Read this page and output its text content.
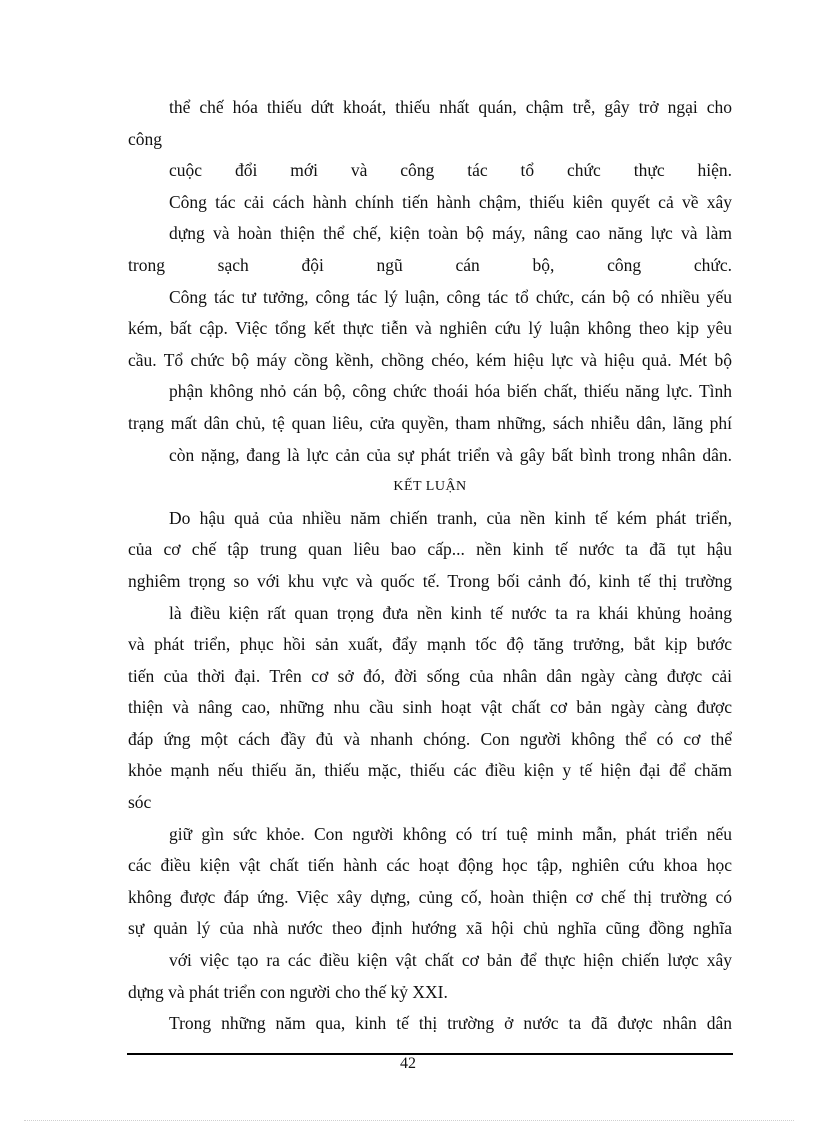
thể chế hóa thiếu dứt khoát, thiếu nhất quán, chậm trễ, gây trở ngại cho
công
cuộc đổi mới và công tác tổ chức thực hiện.
Công tác cải cách hành chính tiến hành chậm, thiếu kiên quyết cả về xây
dựng và hoàn thiện thể chế, kiện toàn bộ máy, nâng cao năng lực và làm
trong sạch đội ngũ cán bộ, công chức.
Công tác tư tưởng, công tác lý luận, công tác tổ chức, cán bộ có nhiều yếu
kém, bất cập. Việc tổng kết thực tiễn và nghiên cứu lý luận không theo kịp yêu
cầu. Tổ chức bộ máy cồng kềnh, chồng chéo, kém hiệu lực và hiệu quả. Mét bộ
phận không nhỏ cán bộ, công chức thoái hóa biến chất, thiếu năng lực. Tình
trạng mất dân chủ, tệ quan liêu, cửa quyền, tham những, sách nhiễu dân, lãng phí
còn nặng, đang là lực cản của sự phát triển và gây bất bình trong nhân dân.
KẾT LUẬN
Do hậu quả của nhiều năm chiến tranh, của nền kinh tế kém phát triển,
của cơ chế tập trung quan liêu bao cấp... nền kinh tế nước ta đã tụt hậu
nghiêm trọng so với khu vực và quốc tế. Trong bối cảnh đó, kinh tế thị trường
là điều kiện rất quan trọng đưa nền kinh tế nước ta ra khái khủng hoảng
và phát triển, phục hồi sản xuất, đẩy mạnh tốc độ tăng trưởng, bắt kịp bước
tiến của thời đại. Trên cơ sở đó, đời sống của nhân dân ngày càng được cải
thiện và nâng cao, những nhu cầu sinh hoạt vật chất cơ bản ngày càng được
đáp ứng một cách đầy đủ và nhanh chóng. Con người không thể có cơ thể
khỏe mạnh nếu thiếu ăn, thiếu mặc, thiếu các điều kiện y tế hiện đại để chăm
sóc
giữ gìn sức khỏe. Con người không có trí tuệ minh mẫn, phát triển nếu
các điều kiện vật chất tiến hành các hoạt động học tập, nghiên cứu khoa học
không được đáp ứng. Việc xây dựng, củng cố, hoàn thiện cơ chế thị trường có
sự quản lý của nhà nước theo định hướng xã hội chủ nghĩa cũng đồng nghĩa
với việc tạo ra các điều kiện vật chất cơ bản để thực hiện chiến lược xây
dựng và phát triển con người cho thế kỷ XXI.
Trong những năm qua, kinh tế thị trường ở nước ta đã được nhân dân
42
